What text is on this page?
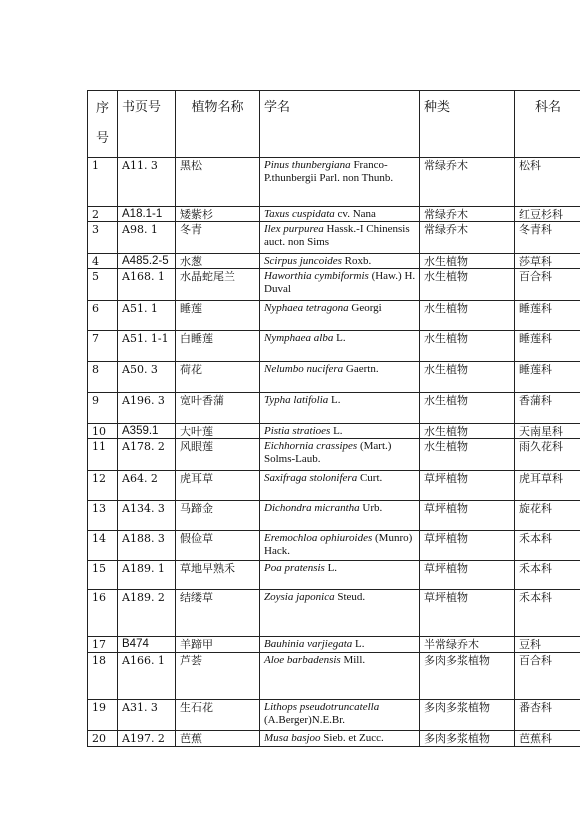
序号	书页号	植物名称	学名	种类	科名
1	A11. 3	黑松	Pinus thunbergiana Franco-P.thunbergii Parl. non Thunb.	常绿乔木	松科
2	A18.1-1	矮紫杉	Taxus cuspidata cv. Nana	常绿乔木	红豆杉科
3	A98. 1	冬青	Ilex purpurea Hassk.-I Chinensis auct. non Sims	常绿乔木	冬青科
4	A485.2-5	水葱	Scirpus juncoides Roxb.	水生植物	莎草科
5	A168. 1	水晶蛇尾兰	Haworthia cymbiformis (Haw.) H. Duval	水生植物	百合科
6	A51. 1	睡莲	Nyphaea tetragona Georgi	水生植物	睡莲科
7	A51. 1-1	白睡莲	Nymphaea alba L.	水生植物	睡莲科
8	A50. 3	荷花	Nelumbo nucifera Gaertn.	水生植物	睡莲科
9	A196. 3	宽叶香蒲	Typha latifolia L.	水生植物	香蒲科
10	A359.1	大叶莲	Pistia stratioes L.	水生植物	天南星科
11	A178. 2	风眼莲	Eichhornia crassipes (Mart.) Solms-Laub.	水生植物	雨久花科
12	A64. 2	虎耳草	Saxifraga stolonifera Curt.	草坪植物	虎耳草科
13	A134. 3	马蹄金	Dichondra micrantha Urb.	草坪植物	旋花科
14	A188. 3	假俭草	Eremochloa ophiuroides (Munro) Hack.	草坪植物	禾本科
15	A189. 1	草地早熟禾	Poa pratensis L.	草坪植物	禾本科
16	A189. 2	结缕草	Zoysia japonica Steud.	草坪植物	禾本科
17	B474	羊蹄甲	Bauhinia varjiegata L.	半常绿乔木	豆科
18	A166. 1	芦荟	Aloe barbadensis Mill.	多肉多浆植物	百合科
19	A31. 3	生石花	Lithops pseudotruncatella (A.Berger)N.E.Br.	多肉多浆植物	番杏科
20	A197. 2	芭蕉	Musa basjoo Sieb. et Zucc.	多肉多浆植物	芭蕉科
